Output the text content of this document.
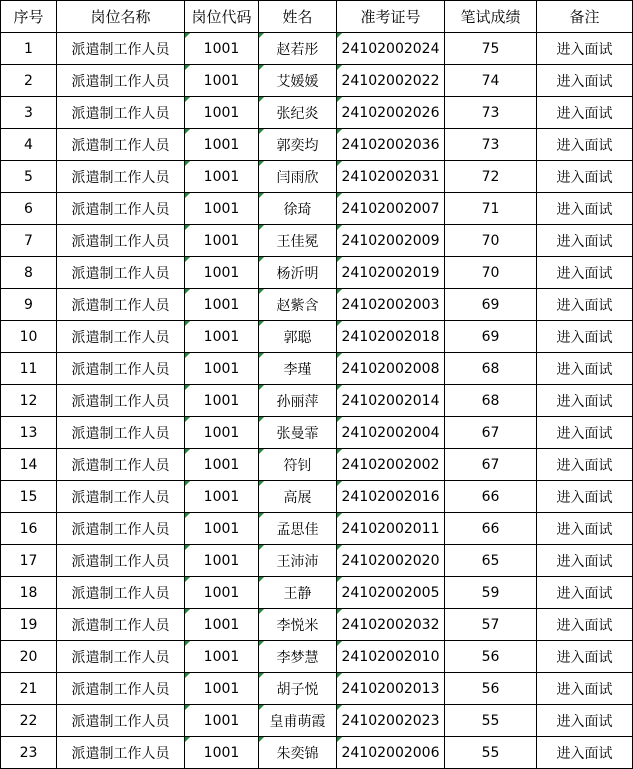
序号	岗位名称	岗位代码	姓名	准考证号	笔试成绩	备注
1	派遣制工作人员	1001	赵若彤	24102002024	75	进入面试
2	派遣制工作人员	1001	艾媛媛	24102002022	74	进入面试
3	派遣制工作人员	1001	张纪炎	24102002026	73	进入面试
4	派遣制工作人员	1001	郭奕均	24102002036	73	进入面试
5	派遣制工作人员	1001	闫雨欣	24102002031	72	进入面试
6	派遣制工作人员	1001	徐琦	24102002007	71	进入面试
7	派遣制工作人员	1001	王佳冕	24102002009	70	进入面试
8	派遣制工作人员	1001	杨沂明	24102002019	70	进入面试
9	派遣制工作人员	1001	赵紫含	24102002003	69	进入面试
10	派遣制工作人员	1001	郭聪	24102002018	69	进入面试
11	派遣制工作人员	1001	李瑾	24102002008	68	进入面试
12	派遣制工作人员	1001	孙丽萍	24102002014	68	进入面试
13	派遣制工作人员	1001	张曼霏	24102002004	67	进入面试
14	派遣制工作人员	1001	符钊	24102002002	67	进入面试
15	派遣制工作人员	1001	高展	24102002016	66	进入面试
16	派遣制工作人员	1001	孟思佳	24102002011	66	进入面试
17	派遣制工作人员	1001	王沛沛	24102002020	65	进入面试
18	派遣制工作人员	1001	王静	24102002005	59	进入面试
19	派遣制工作人员	1001	李悦米	24102002032	57	进入面试
20	派遣制工作人员	1001	李梦慧	24102002010	56	进入面试
21	派遣制工作人员	1001	胡子悦	24102002013	56	进入面试
22	派遣制工作人员	1001	皇甫萌霞	24102002023	55	进入面试
23	派遣制工作人员	1001	朱奕锦	24102002006	55	进入面试
